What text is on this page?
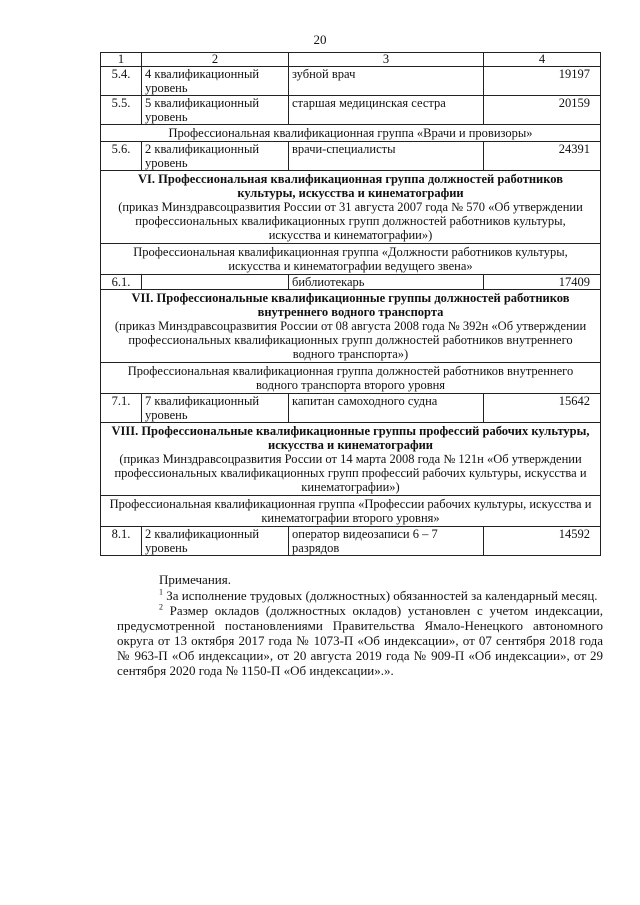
20
1	2	3	4
5.4.	4 квалификационный уровень	зубной врач	19197
5.5.	5 квалификационный уровень	старшая медицинская сестра	20159
Профессиональная квалификационная группа «Врачи и провизоры»			
5.6.	2 квалификационный уровень	врачи-специалисты	24391

VI. Профессиональная квалификационная группа должностей работников культуры, искусства и кинематографии
(приказ Минздравсоцразвития России от 31 августа 2007 года № 570 «Об утверждении профессиональных квалификационных групп должностей работников культуры, искусства и кинематографии»)			

Профессиональная квалификационная группа «Должности работников культуры, искусства и кинематографии ведущего звена»			
6.1.		библиотекарь	17409

VII. Профессиональные квалификационные группы должностей работников внутреннего водного транспорта
(приказ Минздравсоцразвития России от 08 августа 2008 года № 392н «Об утверждении профессиональных квалификационных групп должностей работников внутреннего водного транспорта»)			

Профессиональная квалификационная группа должностей работников внутреннего водного транспорта второго уровня			
7.1.	7 квалификационный уровень	капитан самоходного судна	15642

VIII. Профессиональные квалификационные группы профессий рабочих культуры, искусства и кинематографии
(приказ Минздравсоцразвития России от 14 марта 2008 года № 121н «Об утверждении профессиональных квалификационных групп профессий рабочих культуры, искусства и кинематографии»)			

Профессиональная квалификационная группа «Профессии рабочих культуры, искусства и кинематографии второго уровня»			
8.1.	2 квалификационный уровень	оператор видеозаписи 6 – 7 разрядов	14592

Примечания.

$^1$ За исполнение трудовых (должностных) обязанностей за календарный месяц.

$^2$ Размер окладов (должностных окладов) установлен с учетом индексации, предусмотренной постановлениями Правительства Ямало-Ненецкого автономного округа от 13 октября 2017 года № 1073-П «Об индексации», от 07 сентября 2018 года № 963-П «Об индексации», от 20 августа 2019 года № 909-П «Об индексации», от 29 сентября 2020 года № 1150-П «Об индексации».».
